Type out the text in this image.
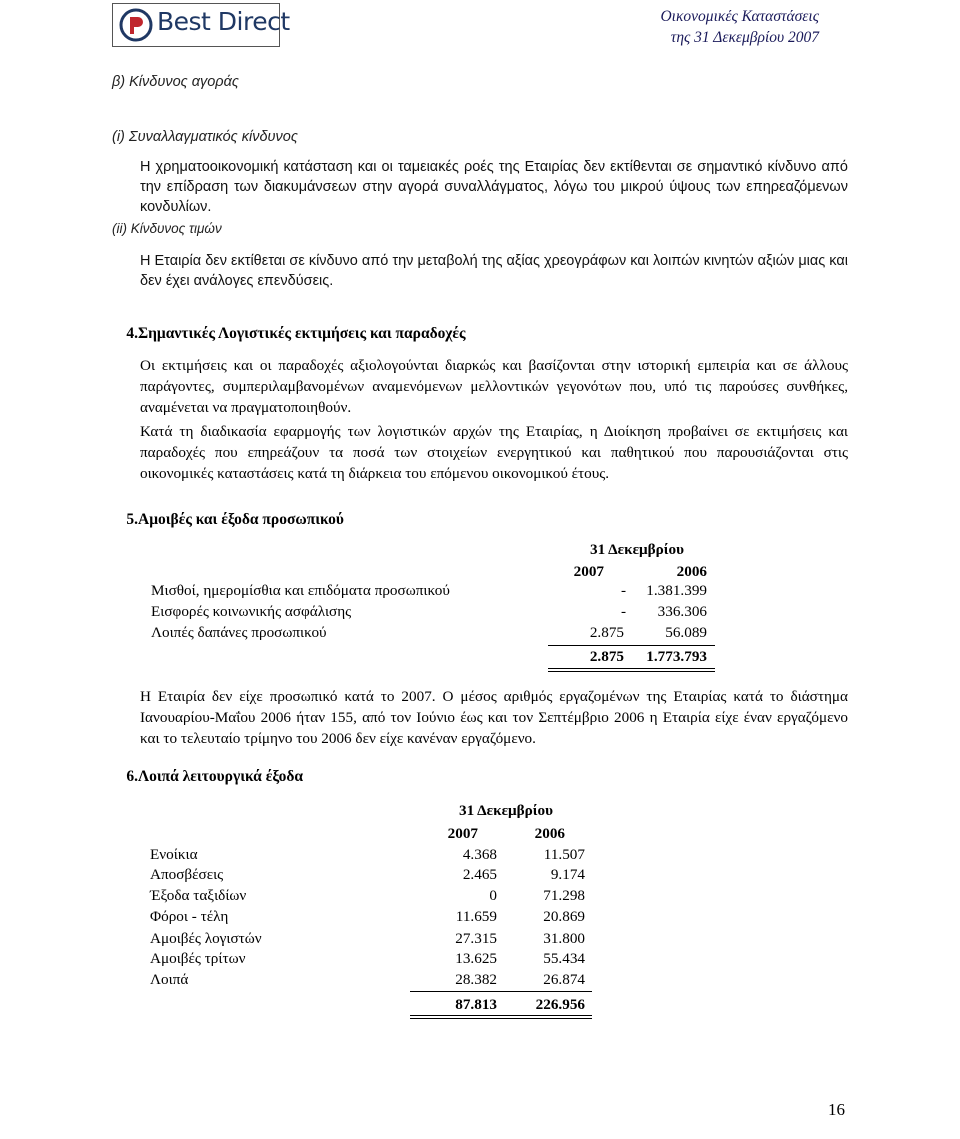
Best Direct	Οικονομικές Καταστάσεις
της 31 Δεκεμβρίου 2007
β) Κίνδυνος αγοράς
(i) Συναλλαγματικός κίνδυνος
Η χρηματοοικονομική κατάσταση και οι ταμειακές ροές της Εταιρίας δεν εκτίθενται σε σημαντικό κίνδυνο από την επίδραση των διακυμάνσεων στην αγορά συναλλάγματος, λόγω του μικρού ύψους των επηρεαζόμενων κονδυλίων.
(ii) Κίνδυνος τιμών
Η Εταιρία δεν εκτίθεται σε κίνδυνο από την μεταβολή της αξίας χρεογράφων και λοιπών κινητών αξιών μιας και δεν έχει ανάλογες επενδύσεις.
4.Σημαντικές Λογιστικές εκτιμήσεις και παραδοχές
Οι εκτιμήσεις και οι παραδοχές αξιολογούνται διαρκώς και βασίζονται στην ιστορική εμπειρία και σε άλλους παράγοντες, συμπεριλαμβανομένων αναμενόμενων μελλοντικών γεγονότων που, υπό τις παρούσες συνθήκες, αναμένεται να πραγματοποιηθούν.
Κατά τη διαδικασία εφαρμογής των λογιστικών αρχών της Εταιρίας, η Διοίκηση προβαίνει σε εκτιμήσεις και παραδοχές που επηρεάζουν τα ποσά των στοιχείων ενεργητικού και παθητικού που παρουσιάζονται στις οικονομικές καταστάσεις κατά τη διάρκεια του επόμενου οικονομικού έτους.
5.Αμοιβές και έξοδα προσωπικού
31 Δεκεμβρίου
2007	2006
Μισθοί, ημερομίσθια και επιδόματα προσωπικού	-	1.381.399
Εισφορές κοινωνικής ασφάλισης	-	336.306
Λοιπές δαπάνες προσωπικού	2.875	56.089
2.875	1.773.793
Η Εταιρία δεν είχε προσωπικό κατά το 2007. Ο μέσος αριθμός εργαζομένων της Εταιρίας κατά το διάστημα Ιανουαρίου-Μαΐου 2006 ήταν 155, από τον Ιούνιο έως και τον Σεπτέμβριο 2006 η Εταιρία είχε έναν εργαζόμενο και το τελευταίο τρίμηνο του 2006 δεν είχε κανέναν εργαζόμενο.
6.Λοιπά λειτουργικά έξοδα
31 Δεκεμβρίου
2007	2006
Ενοίκια	4.368	11.507
Αποσβέσεις	2.465	9.174
Έξοδα ταξιδίων	0	71.298
Φόροι - τέλη	11.659	20.869
Αμοιβές λογιστών	27.315	31.800
Αμοιβές τρίτων	13.625	55.434
Λοιπά	28.382	26.874
87.813	226.956
16
